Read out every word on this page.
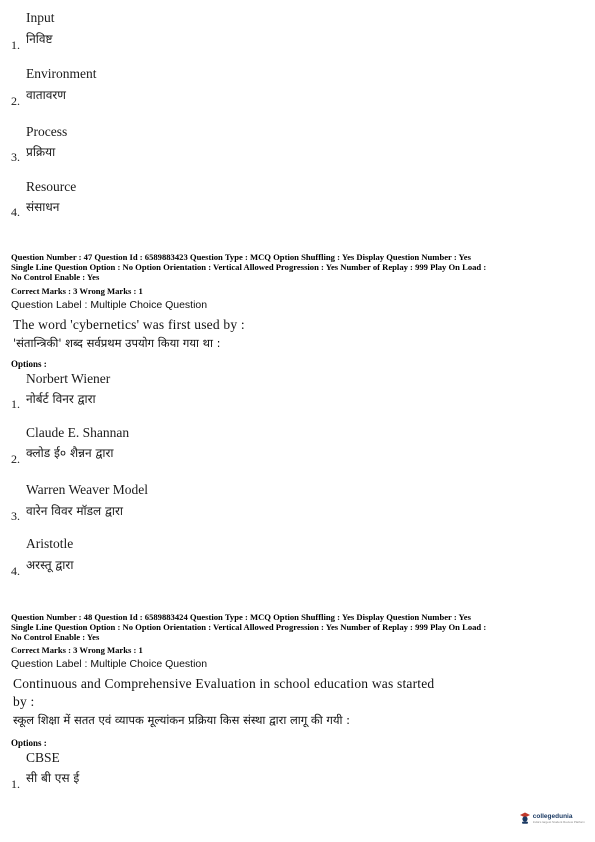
Input
1. निविष्ट
Environment
2. वातावरण
Process
3. प्रक्रिया
Resource
4. संसाधन
Question Number : 47 Question Id : 6589883423 Question Type : MCQ Option Shuffling : Yes Display Question Number : Yes
Single Line Question Option : No Option Orientation : Vertical Allowed Progression : Yes Number of Replay : 999 Play On Load :
No Control Enable : Yes
Correct Marks : 3 Wrong Marks : 1
Question Label : Multiple Choice Question
The word 'cybernetics' was first used by :
'संतान्त्रिकी' शब्द सर्वप्रथम उपयोग किया गया था :
Options :
Norbert Wiener
1. नोर्बर्ट विनर द्वारा
Claude E. Shannan
2. क्लोड ई० शैन्नन द्वारा
Warren Weaver Model
3. वारेन विवर मॉडल द्वारा
Aristotle
4. अरस्तू द्वारा
Question Number : 48 Question Id : 6589883424 Question Type : MCQ Option Shuffling : Yes Display Question Number : Yes
Single Line Question Option : No Option Orientation : Vertical Allowed Progression : Yes Number of Replay : 999 Play On Load :
No Control Enable : Yes
Correct Marks : 3 Wrong Marks : 1
Question Label : Multiple Choice Question
Continuous and Comprehensive Evaluation in school education was started
by :
स्कूल शिक्षा में सतत एवं व्यापक मूल्यांकन प्रक्रिया किस संस्था द्वारा लागू की गयी :
Options :
CBSE
1. सी बी एस ई
collegedunia
India's largest Student Review Platform
